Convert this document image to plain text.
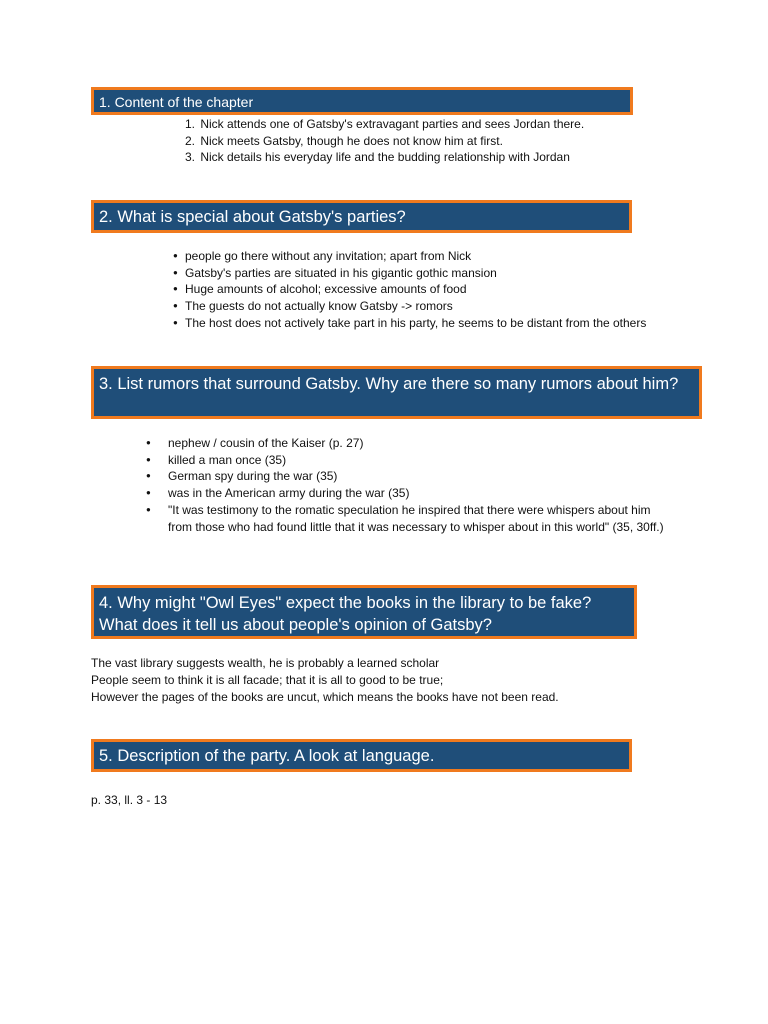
1. Content of the chapter
1. Nick attends one of Gatsby's extravagant parties and sees Jordan there.
2. Nick meets Gatsby, though he does not know him at first.
3. Nick details his everyday life and the budding relationship with Jordan
2. What is special about Gatsby's parties?
● people go there without any invitation; apart from Nick
● Gatsby's parties are situated in his gigantic gothic mansion
● Huge amounts of alcohol; excessive amounts of food
● The guests do not actually know Gatsby -> romors
● The host does not actively take part in his party, he seems to be distant from the others
3. List rumors that surround Gatsby. Why are there so many rumors about him?
● nephew / cousin of the Kaiser (p. 27)
● killed a man once (35)
● German spy during the war (35)
● was in the American army during the war (35)
● "It was testimony to the romatic speculation he inspired that there were whispers about him from those who had found little that it was necessary to whisper about in this world" (35, 30ff.)
4. Why might "Owl Eyes" expect the books in the library to be fake? What does it tell us about people's opinion of Gatsby?
The vast library suggests wealth, he is probably a learned scholar
People seem to think it is all facade; that it is all to good to be true;
However the pages of the books are uncut, which means the books have not been read.
5. Description of the party. A look at language.
p. 33, ll. 3 - 13
